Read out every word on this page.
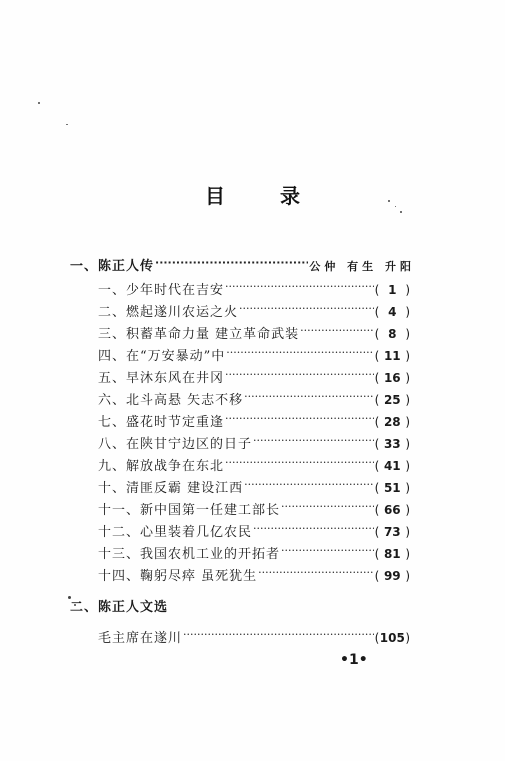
目 录
一、陈正人传 ·····	公仲 有生 升阳
一、少年时代在吉安 ·····	( 1 )
二、燃起遂川农运之火 ·····	( 4 )
三、积蓄革命力量 建立革命武装 ·····	( 8 )
四、在“万安暴动”中 ·····	( 11 )
五、早沐东风在井冈 ·····	( 16 )
六、北斗高悬 矢志不移 ·····	( 25 )
七、盛花时节定重逢 ·····	( 28 )
八、在陕甘宁边区的日子 ·····	( 33 )
九、解放战争在东北 ·····	( 41 )
十、清匪反霸 建设江西 ·····	( 51 )
十一、新中国第一任建工部长 ·····	( 66 )
十二、心里装着几亿农民 ·····	( 73 )
十三、我国农机工业的开拓者 ·····	( 81 )
十四、鞠躬尽瘁 虽死犹生 ·····	( 99 )
二、陈正人文选
毛主席在遂川 ·····	(105)
•1•
